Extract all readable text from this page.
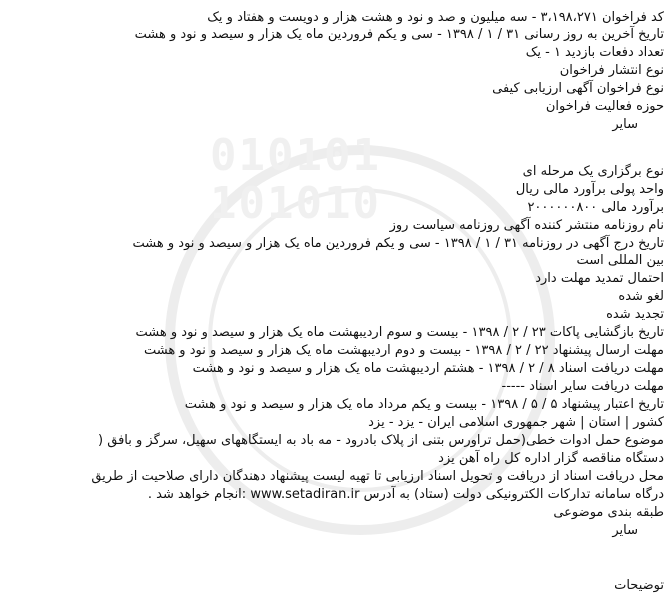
010101
101010
کد فراخوان ۳،۱۹۸،۲۷۱ - سه میلیون و صد و نود و هشت هزار و دویست و هفتاد و یک
تاریخ آخرین به روز رسانی ۳۱ / ۱ / ۱۳۹۸ - سی و یکم فروردین ماه یک هزار و سیصد و نود و هشت
تعداد دفعات بازدید ۱ - یک
نوع انتشار فراخوان
نوع فراخوان آگهی ارزیابی کیفی
حوزه فعالیت فراخوان
سایر
نوع برگزاری یک مرحله ای
واحد پولی برآورد مالی ریال
برآورد مالی ۲۰۰۰۰۰۰۸۰۰
نام روزنامه منتشر کننده آگهی روزنامه سیاست روز
تاریخ درج آگهی در روزنامه ۳۱ / ۱ / ۱۳۹۸ - سی و یکم فروردین ماه یک هزار و سیصد و نود و هشت
بین المللی است
احتمال تمدید مهلت دارد
لغو شده
تجدید شده
تاریخ بازگشایی پاکات ۲۳ / ۲ / ۱۳۹۸ - بیست و سوم اردیبهشت ماه یک هزار و سیصد و نود و هشت
مهلت ارسال پیشنهاد ۲۲ / ۲ / ۱۳۹۸ - بیست و دوم اردیبهشت ماه یک هزار و سیصد و نود و هشت
مهلت دریافت اسناد ۸ / ۲ / ۱۳۹۸ - هشتم اردیبهشت ماه یک هزار و سیصد و نود و هشت
مهلت دریافت سایر اسناد -----
تاریخ اعتبار پیشنهاد ۵ / ۵ / ۱۳۹۸ - بیست و یکم مرداد ماه یک هزار و سیصد و نود و هشت
کشور | استان | شهر جمهوری اسلامی ایران - یزد - یزد
موضوع حمل ادوات خطی(حمل تراورس بتنی از پلاک بادرود - مه باد به ایستگاههای سهیل، سرگز و بافق (
دستگاه مناقصه گزار اداره کل راه آهن یزد
محل دریافت اسناد از دریافت و تحویل اسناد ارزیابی تا تهیه لیست پیشنهاد دهندگان دارای صلاحیت از طریق
درگاه سامانه تدارکات الکترونیکی دولت (ستاد) به آدرس www.setadiran.ir :انجام خواهد شد .
طبقه بندی موضوعی
سایر
توضیحات
